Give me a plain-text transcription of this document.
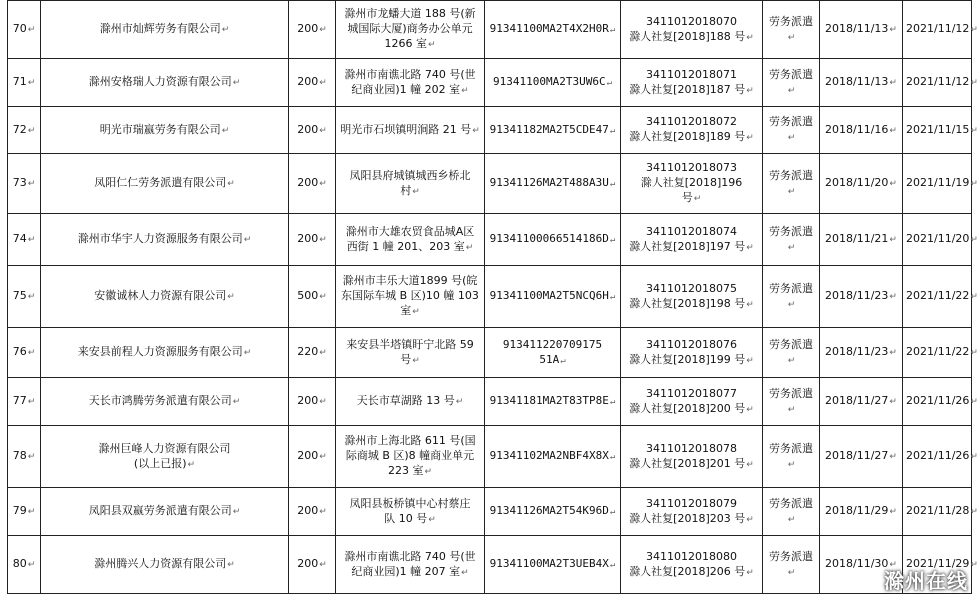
70↵	滁州市灿辉劳务有限公司↵	200↵	滁州市龙蟠大道 188 号(新
城国际大厦)商务办公单元
1266 室↵	91341100MA2T4X2H0R↵	3411012018070
滁人社复[2018]188 号↵	劳务派遣↵	2018/11/13↵	2021/11/12↵
71↵	滁州安格瑞人力资源有限公司↵	200↵	滁州市南谯北路 740 号(世
纪商业园)1 幢 202 室↵	91341100MA2T3UW6C↵	3411012018071
滁人社复[2018]187 号↵	劳务派遣↵	2018/11/13↵	2021/11/12↵
72↵	明光市瑞嬴劳务有限公司↵	200↵	明光市石坝镇明涧路 21 号↵	91341182MA2T5CDE47↵	3411012018072
滁人社复[2018]189 号↵	劳务派遣↵	2018/11/16↵	2021/11/15↵
73↵	凤阳仁仁劳务派遣有限公司↵	200↵	凤阳县府城镇城西乡桥北
村↵	91341126MA2T488A3U↵	3411012018073
滁人社复[2018]196
号↵	劳务派遣↵	2018/11/20↵	2021/11/19↵
74↵	滁州市华宇人力资源服务有限公司↵	200↵	滁州市大雄农贸食品城A区
西街 1 幢 201、203 室↵	91341100066514186D↵	3411012018074
滁人社复[2018]197 号↵	劳务派遣↵	2018/11/21↵	2021/11/20↵
75↵	安徽诚林人力资源有限公司↵	500↵	滁州市丰乐大道1899 号(皖
东国际车城 B 区)10 幢 103
室↵	91341100MA2T5NCQ6H↵	3411012018075
滁人社复[2018]198 号↵	劳务派遣↵	2018/11/23↵	2021/11/22↵
76↵	来安县前程人力资源服务有限公司↵	220↵	来安县半塔镇盱宁北路 59
号↵	913411220709175 51A↵	3411012018076
滁人社复[2018]199 号↵	劳务派遣↵	2018/11/23↵	2021/11/22↵
77↵	天长市鸿腾劳务派遣有限公司↵	200↵	天长市草湖路 13 号↵	91341181MA2T83TP8E↵	3411012018077
滁人社复[2018]200 号↵	劳务派遣↵	2018/11/27↵	2021/11/26↵
78↵	滁州巨峰人力资源有限公司
(以上已报)↵	200↵	滁州市上海北路 611 号(国
际商城 B 区)8 幢商业单元
223 室↵	91341102MA2NBF4X8X↵	3411012018078
滁人社复[2018]201 号↵	劳务派遣↵	2018/11/27↵	2021/11/26↵
79↵	凤阳县双嬴劳务派遣有限公司↵	200↵	凤阳县板桥镇中心村蔡庄
队 10 号↵	91341126MA2T54K96D↵	3411012018079
滁人社复[2018]203 号↵	劳务派遣↵	2018/11/29↵	2021/11/28↵
80↵	滁州腾兴人力资源有限公司↵	200↵	滁州市南谯北路 740 号(世
纪商业园)1 幢 207 室↵	91341100MA2T3UEB4X↵	3411012018080
滁人社复[2018]206 号↵	劳务派遣↵	2018/11/30↵	2021/11/29↵
滁州在线
